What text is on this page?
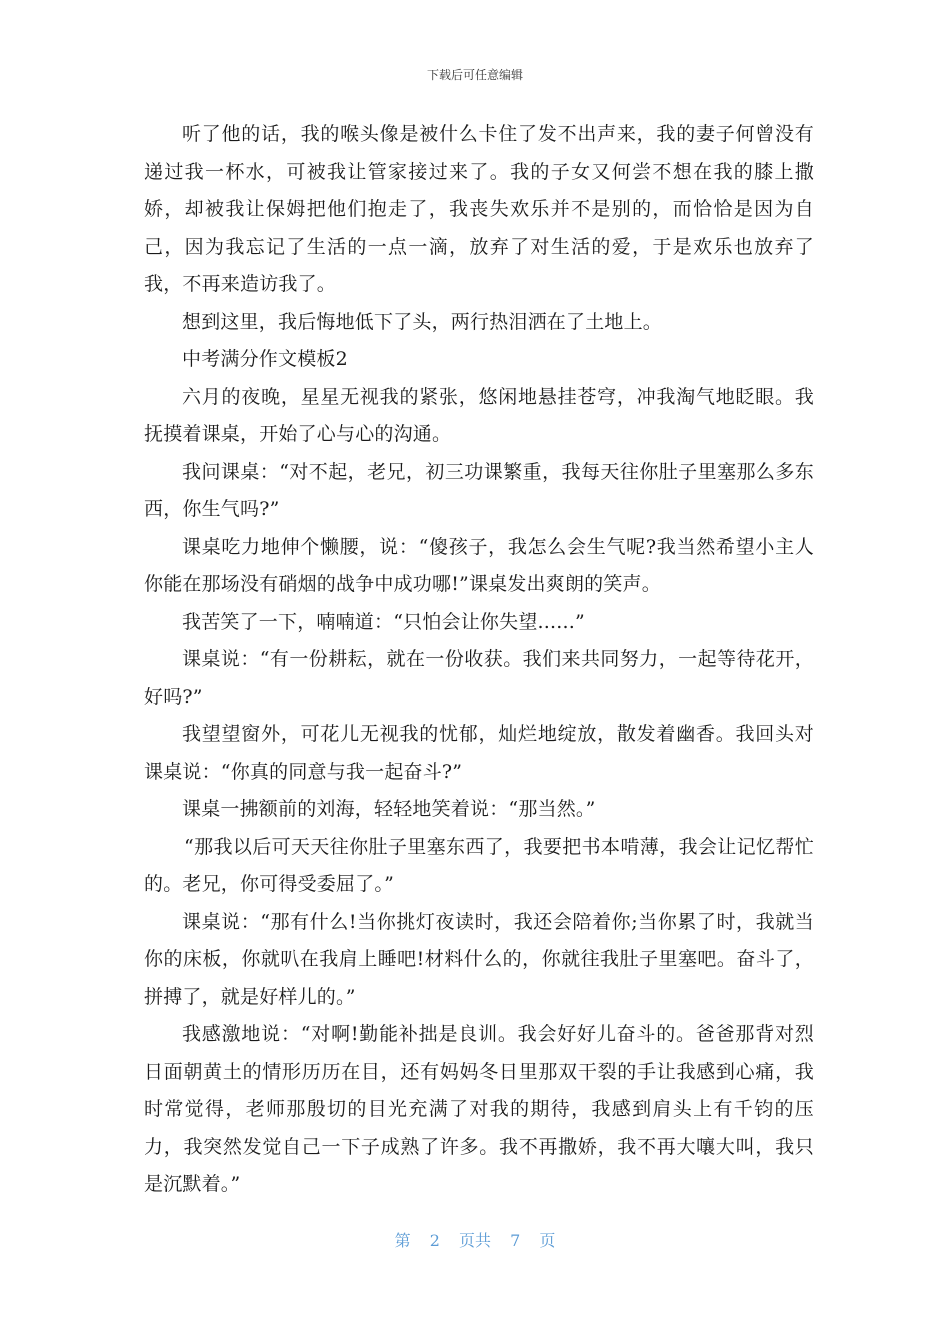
下载后可任意编辑

听了他的话，我的喉头像是被什么卡住了发不出声来，我的妻子何曾没有递过我一杯水，可被我让管家接过来了。我的子女又何尝不想在我的膝上撒娇，却被我让保姆把他们抱走了，我丧失欢乐并不是别的，而恰恰是因为自己，因为我忘记了生活的一点一滴，放弃了对生活的爱，于是欢乐也放弃了我，不再来造访我了。

想到这里，我后悔地低下了头，两行热泪洒在了土地上。

中考满分作文模板2

六月的夜晚，星星无视我的紧张，悠闲地悬挂苍穹，冲我淘气地眨眼。我抚摸着课桌，开始了心与心的沟通。

我问课桌：“对不起，老兄，初三功课繁重，我每天往你肚子里塞那么多东西，你生气吗?”

课桌吃力地伸个懒腰，说：“傻孩子，我怎么会生气呢?我当然希望小主人你能在那场没有硝烟的战争中成功哪!”课桌发出爽朗的笑声。

我苦笑了一下，喃喃道：“只怕会让你失望......”

课桌说：“有一份耕耘，就在一份收获。我们来共同努力，一起等待花开，好吗?”

我望望窗外，可花儿无视我的忧郁，灿烂地绽放，散发着幽香。我回头对课桌说：“你真的同意与我一起奋斗?”

课桌一拂额前的刘海，轻轻地笑着说：“那当然。”

“那我以后可天天往你肚子里塞东西了，我要把书本啃薄，我会让记忆帮忙的。老兄，你可得受委屈了。”

课桌说：“那有什么!当你挑灯夜读时，我还会陪着你;当你累了时，我就当你的床板，你就叭在我肩上睡吧!材料什么的，你就往我肚子里塞吧。奋斗了，拼搏了，就是好样儿的。”

我感激地说：“对啊!勤能补拙是良训。我会好好儿奋斗的。爸爸那背对烈日面朝黄土的情形历历在目，还有妈妈冬日里那双干裂的手让我感到心痛，我时常觉得，老师那殷切的目光充满了对我的期待，我感到肩头上有千钧的压力，我突然发觉自己一下子成熟了许多。我不再撒娇，我不再大嚷大叫，我只是沉默着。”

第 2 页共 7 页
